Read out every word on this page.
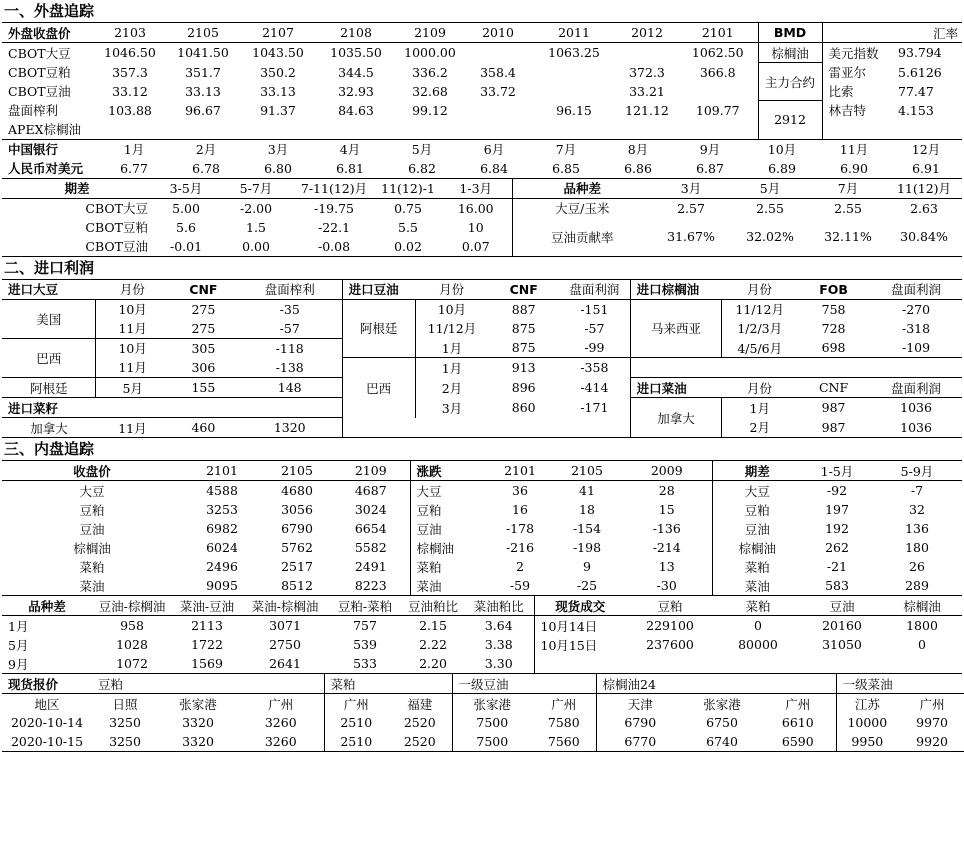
一、外盘追踪
外盘收盘价	2103	2105	2107	2108	2109	2010	2011	2012	2101	BMD	汇率	
CBOT大豆	1046.50	1041.50	1043.50	1035.50	1000.00		1063.25		1062.50	棕榈油	美元指数	93.794
CBOT豆粕	357.3	351.7	350.2	344.5	336.2	358.4		372.3	366.8	主力合约	雷亚尔	5.6126
CBOT豆油	33.12	33.13	33.13	32.93	32.68	33.72		33.21			比索	77.47
盘面榨利	103.88	96.67	91.37	84.63	99.12		96.15	121.12	109.77	2912	林吉特	4.153
APEX棕榈油												
中国银行	1月	2月	3月	4月	5月	6月	7月	8月	9月	10月	11月	12月
人民币对美元	6.77	6.78	6.80	6.81	6.82	6.84	6.85	6.86	6.87	6.89	6.90	6.91
期差	3-5月	5-7月	7-11(12)月	11(12)-1	1-3月	品种差	3月	5月	7月	11(12)月
CBOT大豆	5.00	-2.00	-19.75	0.75	16.00	大豆/玉米	2.57	2.55	2.55	2.63
CBOT豆粕	5.6	1.5	-22.1	5.5	10	豆油贡献率	31.67%	32.02%	32.11%	30.84%
CBOT豆油	-0.01	0.00	-0.08	0.02	0.07					
二、进口利润
进口大豆	月份	CNF	盘面榨利	进口豆油	月份	CNF	盘面利润	进口棕榈油	月份	FOB	盘面利润
美国	10月	275	-35	阿根廷	10月	887	-151	马来西亚	11/12月	758	-270
	11月	275	-57		11/12月	875	-57		1/2/3月	728	-318
巴西	10月	305	-118		1月	875	-99		4/5/6月	698	-109
	11月	306	-138	巴西	1月	913	-358				
阿根廷	5月	155	148		2月	896	-414	进口菜油	月份	CNF	盘面利润
进口菜籽					3月	860	-171	加拿大	1月	987	1036
加拿大	11月	460	1320						2月	987	1036
三、内盘追踪
收盘价	2101	2105	2109	涨跌	2101	2105	2009	期差	1-5月	5-9月
大豆	4588	4680	4687	大豆	36	41	28	大豆	-92	-7
豆粕	3253	3056	3024	豆粕	16	18	15	豆粕	197	32
豆油	6982	6790	6654	豆油	-178	-154	-136	豆油	192	136
棕榈油	6024	5762	5582	棕榈油	-216	-198	-214	棕榈油	262	180
菜粕	2496	2517	2491	菜粕	2	9	13	菜粕	-21	26
菜油	9095	8512	8223	菜油	-59	-25	-30	菜油	583	289
品种差	豆油-棕榈油	菜油-豆油	菜油-棕榈油	豆粕-菜粕	豆油粕比	菜油粕比	现货成交	豆粕	菜粕	豆油	棕榈油	
1月	958	2113	3071	757	2.15	3.64	10月14日	229100	0	20160	1800	
5月	1028	1722	2750	539	2.22	3.38	10月15日	237600	80000	31050	0	
9月	1072	1569	2641	533	2.20	3.30						
现货报价	豆粕			菜粕		一级豆油		棕榈油24			一级菜油	
地区	日照	张家港	广州	广州	福建	张家港	广州	天津	张家港	广州	江苏	广州
2020-10-14	3250	3320	3260	2510	2520	7500	7580	6790	6750	6610	10000	9970
2020-10-15	3250	3320	3260	2510	2520	7500	7560	6770	6740	6590	9950	9920
